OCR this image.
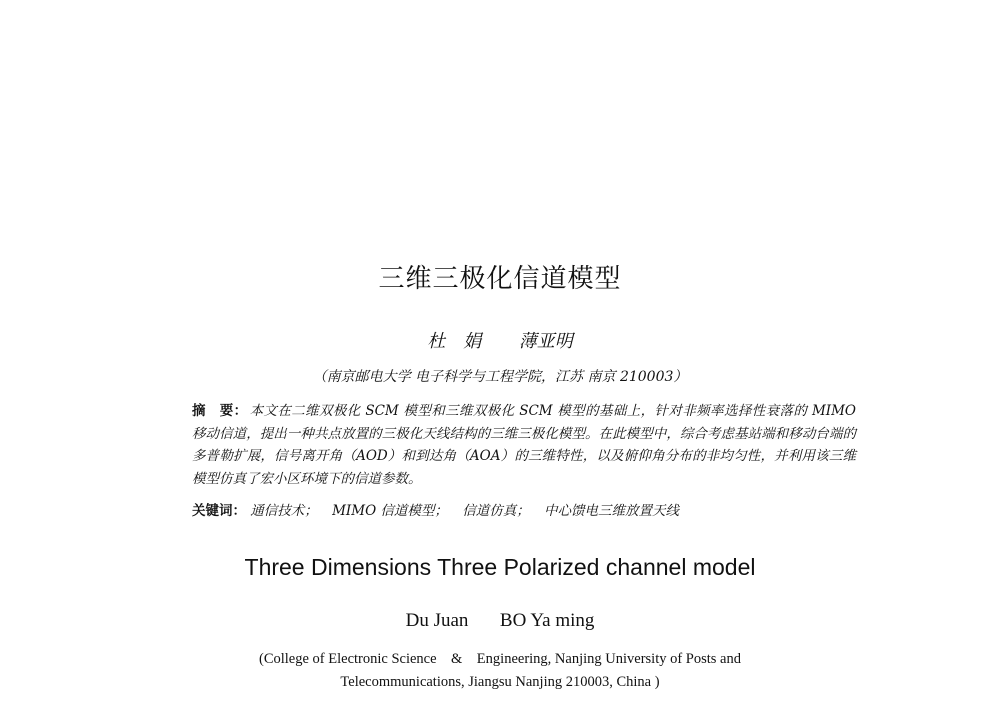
三维三极化信道模型
杜　娟 薄亚明
（南京邮电大学 电子科学与工程学院，江苏 南京 210003）
摘　要： 本文在二维双极化 SCM 模型和三维双极化 SCM 模型的基础上，针对非频率选择性衰落的 MIMO 移动信道，提出一种共点放置的三极化天线结构的三维三极化模型。在此模型中，综合考虑基站端和移动台端的多普勒扩展，信号离开角（AOD）和到达角（AOA）的三维特性，以及俯仰角分布的非均匀性，并利用该三维模型仿真了宏小区环境下的信道参数。
关键词： 通信技术； MIMO 信道模型； 信道仿真； 中心馈电三维放置天线
Three Dimensions Three Polarized channel model
Du Juan BO Ya ming
(College of Electronic Science　&　Engineering, Nanjing University of Posts and
Telecommunications, Jiangsu Nanjing 210003, China )
